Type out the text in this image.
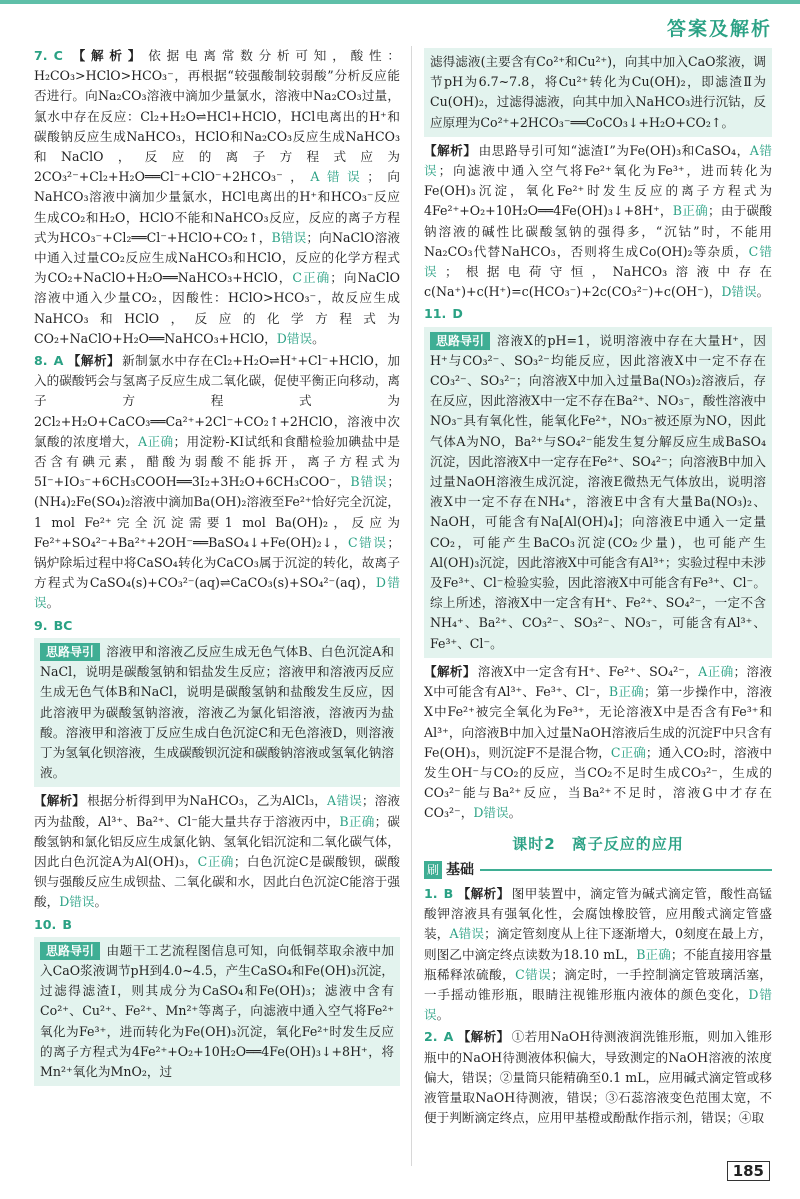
答案及解析
7. C 【解析】 依据电离常数分析可知，酸性：H₂CO₃>HClO>HCO₃⁻，再根据“较强酸制较弱酸”分析反应能否进行。向Na₂CO₃溶液中滴加少量氯水，溶液中Na₂CO₃过量，氯水中存在反应：Cl₂+H₂O⇌HCl+HClO，HCl电离出的H⁺和碳酸钠反应生成NaHCO₃，HClO和Na₂CO₃反应生成NaHCO₃和NaClO，反应的离子方程式应为2CO₃²⁻+Cl₂+H₂O══Cl⁻+ClO⁻+2HCO₃⁻，A错误；向NaHCO₃溶液中滴加少量氯水，HCl电离出的H⁺和HCO₃⁻反应生成CO₂和H₂O，HClO不能和NaHCO₃反应，反应的离子方程式为HCO₃⁻+Cl₂══Cl⁻+HClO+CO₂↑，B错误；向NaClO溶液中通入过量CO₂反应生成NaHCO₃和HClO，反应的化学方程式为CO₂+NaClO+H₂O══NaHCO₃+HClO，C正确；向NaClO溶液中通入少量CO₂，因酸性：HClO>HCO₃⁻，故反应生成NaHCO₃和HClO，反应的化学方程式为CO₂+NaClO+H₂O══NaHCO₃+HClO，D错误。
8. A 【解析】 新制氯水中存在Cl₂+H₂O⇌H⁺+Cl⁻+HClO，加入的碳酸钙会与氢离子反应生成二氧化碳，促使平衡正向移动，离子方程式为2Cl₂+H₂O+CaCO₃══Ca²⁺+2Cl⁻+CO₂↑+2HClO，溶液中次氯酸的浓度增大，A正确；用淀粉-KI试纸和食醋检验加碘盐中是否含有碘元素，醋酸为弱酸不能拆开，离子方程式为5I⁻+IO₃⁻+6CH₃COOH══3I₂+3H₂O+6CH₃COO⁻，B错误；(NH₄)₂Fe(SO₄)₂溶液中滴加Ba(OH)₂溶液至Fe²⁺恰好完全沉淀，1 mol Fe²⁺完全沉淀需要1 mol Ba(OH)₂，反应为Fe²⁺+SO₄²⁻+Ba²⁺+2OH⁻══BaSO₄↓+Fe(OH)₂↓，C错误；锅炉除垢过程中将CaSO₄转化为CaCO₃属于沉淀的转化，故离子方程式为CaSO₄(s)+CO₃²⁻(aq)⇌CaCO₃(s)+SO₄²⁻(aq)，D错误。
9. BC
思路导引 溶液甲和溶液乙反应生成无色气体B、白色沉淀A和NaCl，说明是碳酸氢钠和铝盐发生反应；溶液甲和溶液丙反应生成无色气体B和NaCl，说明是碳酸氢钠和盐酸发生反应，因此溶液甲为碳酸氢钠溶液，溶液乙为氯化铝溶液，溶液丙为盐酸。溶液甲和溶液丁反应生成白色沉淀C和无色溶液D，则溶液丁为氢氧化钡溶液，生成碳酸钡沉淀和碳酸钠溶液或氢氧化钠溶液。
【解析】 根据分析得到甲为NaHCO₃，乙为AlCl₃，A错误；溶液丙为盐酸，Al³⁺、Ba²⁺、Cl⁻能大量共存于溶液丙中，B正确；碳酸氢钠和氯化铝反应生成氯化钠、氢氧化铝沉淀和二氧化碳气体，因此白色沉淀A为Al(OH)₃，C正确；白色沉淀C是碳酸钡，碳酸钡与强酸反应生成钡盐、二氧化碳和水，因此白色沉淀C能溶于强酸，D错误。
10. B
思路导引 由题干工艺流程图信息可知，向低铜萃取余液中加入CaO浆液调节pH到4.0~4.5，产生CaSO₄和Fe(OH)₃沉淀，过滤得滤渣Ⅰ，则其成分为CaSO₄和Fe(OH)₃；滤液中含有Co²⁺、Cu²⁺、Fe²⁺、Mn²⁺等离子，向滤液中通入空气将Fe²⁺氧化为Fe³⁺，进而转化为Fe(OH)₃沉淀，氧化Fe²⁺时发生反应的离子方程式为4Fe²⁺+O₂+10H₂O══4Fe(OH)₃↓+8H⁺，将Mn²⁺氧化为MnO₂，过
滤得滤液(主要含有Co²⁺和Cu²⁺)，向其中加入CaO浆液，调节pH为6.7~7.8，将Cu²⁺转化为Cu(OH)₂，即滤渣Ⅱ为Cu(OH)₂，过滤得滤液，向其中加入NaHCO₃进行沉钴，反应原理为Co²⁺+2HCO₃⁻══CoCO₃↓+H₂O+CO₂↑。
【解析】 由思路导引可知“滤渣Ⅰ”为Fe(OH)₃和CaSO₄，A错误；向滤液中通入空气将Fe²⁺氧化为Fe³⁺，进而转化为Fe(OH)₃沉淀，氧化Fe²⁺时发生反应的离子方程式为4Fe²⁺+O₂+10H₂O══4Fe(OH)₃↓+8H⁺，B正确；由于碳酸钠溶液的碱性比碳酸氢钠的强得多，“沉钴”时，不能用Na₂CO₃代替NaHCO₃，否则将生成Co(OH)₂等杂质，C错误；根据电荷守恒，NaHCO₃溶液中存在c(Na⁺)+c(H⁺)=c(HCO₃⁻)+2c(CO₃²⁻)+c(OH⁻)，D错误。
11. D
思路导引 溶液X的pH=1，说明溶液中存在大量H⁺，因H⁺与CO₃²⁻、SO₃²⁻均能反应，因此溶液X中一定不存在CO₃²⁻、SO₃²⁻；向溶液X中加入过量Ba(NO₃)₂溶液后，存在反应，因此溶液X中一定不存在Ba²⁺、NO₃⁻，酸性溶液中NO₃⁻具有氧化性，能氧化Fe²⁺，NO₃⁻被还原为NO，因此气体A为NO，Ba²⁺与SO₄²⁻能发生复分解反应生成BaSO₄沉淀，因此溶液X中一定存在Fe²⁺、SO₄²⁻；向溶液B中加入过量NaOH溶液生成沉淀，溶液E微热无气体放出，说明溶液X中一定不存在NH₄⁺，溶液E中含有大量Ba(NO₃)₂、NaOH，可能含有Na[Al(OH)₄]；向溶液E中通入一定量CO₂，可能产生BaCO₃沉淀(CO₂少量)，也可能产生Al(OH)₃沉淀，因此溶液X中可能含有Al³⁺；实验过程中未涉及Fe³⁺、Cl⁻检验实验，因此溶液X中可能含有Fe³⁺、Cl⁻。综上所述，溶液X中一定含有H⁺、Fe²⁺、SO₄²⁻，一定不含NH₄⁺、Ba²⁺、CO₃²⁻、SO₃²⁻、NO₃⁻，可能含有Al³⁺、Fe³⁺、Cl⁻。
【解析】 溶液X中一定含有H⁺、Fe²⁺、SO₄²⁻，A正确；溶液X中可能含有Al³⁺、Fe³⁺、Cl⁻，B正确；第一步操作中，溶液X中Fe²⁺被完全氧化为Fe³⁺，无论溶液X中是否含有Fe³⁺和Al³⁺，向溶液B中加入过量NaOH溶液后生成的沉淀F中只含有Fe(OH)₃，则沉淀F不是混合物，C正确；通入CO₂时，溶液中发生OH⁻与CO₂的反应，当CO₂不足时生成CO₃²⁻，生成的CO₃²⁻能与Ba²⁺反应，当Ba²⁺不足时，溶液G中才存在CO₃²⁻，D错误。
课时2　离子反应的应用
刷 基础
1. B 【解析】 图甲装置中，滴定管为碱式滴定管，酸性高锰酸钾溶液具有强氧化性，会腐蚀橡胶管，应用酸式滴定管盛装，A错误；滴定管刻度从上往下逐渐增大，0刻度在最上方，则图乙中滴定终点读数为18.10 mL，B正确；不能直接用容量瓶稀释浓硫酸，C错误；滴定时，一手控制滴定管玻璃活塞，一手摇动锥形瓶，眼睛注视锥形瓶内液体的颜色变化，D错误。
2. A 【解析】 ①若用NaOH待测液润洗锥形瓶，则加入锥形瓶中的NaOH待测液体积偏大，导致测定的NaOH溶液的浓度偏大，错误；②量筒只能精确至0.1 mL，应用碱式滴定管或移液管量取NaOH待测液，错误；③石蕊溶液变色范围太宽，不便于判断滴定终点，应用甲基橙或酚酞作指示剂，错误；④取
185
